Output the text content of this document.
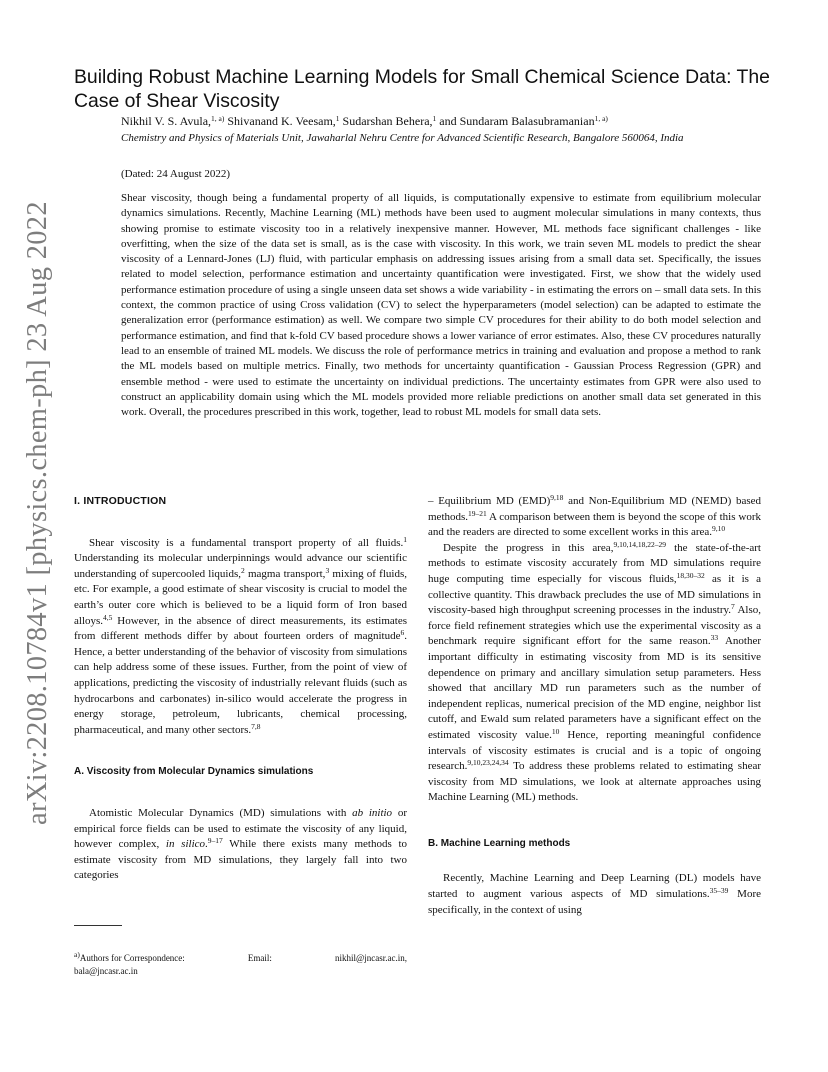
arXiv:2208.10784v1 [physics.chem-ph] 23 Aug 2022
Building Robust Machine Learning Models for Small Chemical Science Data: The Case of Shear Viscosity
Nikhil V. S. Avula,$^{1, a)}$ Shivanand K. Veesam,$^1$ Sudarshan Behera,$^1$ and Sundaram Balasubramanian$^{1, a)}$
Chemistry and Physics of Materials Unit, Jawaharlal Nehru Centre for Advanced Scientific Research, Bangalore 560064, India
(Dated: 24 August 2022)

Shear viscosity, though being a fundamental property of all liquids, is computationally expensive to estimate from equilibrium molecular dynamics simulations. Recently, Machine Learning (ML) methods have been used to augment molecular simulations in many contexts, thus showing promise to estimate viscosity too in a relatively inexpensive manner. However, ML methods face significant challenges - like overfitting, when the size of the data set is small, as is the case with viscosity. In this work, we train seven ML models to predict the shear viscosity of a Lennard-Jones (LJ) fluid, with particular emphasis on addressing issues arising from a small data set. Specifically, the issues related to model selection, performance estimation and uncertainty quantification were investigated. First, we show that the widely used performance estimation procedure of using a single unseen data set shows a wide variability - in estimating the errors on – small data sets. In this context, the common practice of using Cross validation (CV) to select the hyperparameters (model selection) can be adapted to estimate the generalization error (performance estimation) as well. We compare two simple CV procedures for their ability to do both model selection and performance estimation, and find that k-fold CV based procedure shows a lower variance of error estimates. Also, these CV procedures naturally lead to an ensemble of trained ML models. We discuss the role of performance metrics in training and evaluation and propose a method to rank the ML models based on multiple metrics. Finally, two methods for uncertainty quantification - Gaussian Process Regression (GPR) and ensemble method - were used to estimate the uncertainty on individual predictions. The uncertainty estimates from GPR were also used to construct an applicability domain using which the ML models provided more reliable predictions on another small data set generated in this work. Overall, the procedures prescribed in this work, together, lead to robust ML models for small data sets.

I. INTRODUCTION

Shear viscosity is a fundamental transport property of all fluids.$^1$ Understanding its molecular underpinnings would advance our scientific understanding of supercooled liquids,$^2$ magma transport,$^3$ mixing of fluids, etc. For example, a good estimate of shear viscosity is crucial to model the earth’s outer core which is believed to be a liquid form of Iron based alloys.$^{4,5}$ However, in the absence of direct measurements, its estimates from different methods differ by about fourteen orders of magnitude$^6$. Hence, a better understanding of the behavior of viscosity from simulations can help address some of these issues. Further, from the point of view of applications, predicting the viscosity of industrially relevant fluids (such as hydrocarbons and carbonates) in-silico would accelerate the progress in energy storage, petroleum, lubricants, chemical processing, pharmaceutical, and many other sectors.$^{7,8}$

A. Viscosity from Molecular Dynamics simulations

Atomistic Molecular Dynamics (MD) simulations with ab initio or empirical force fields can be used to estimate the viscosity of any liquid, however complex, in silico.$^{9-17}$ While there exists many methods to estimate viscosity from MD simulations, they largely fall into two categories

– Equilibrium MD (EMD)$^{9,18}$ and Non-Equilibrium MD (NEMD) based methods.$^{19-21}$ A comparison between them is beyond the scope of this work and the readers are directed to some excellent works in this area.$^{9,10}$

Despite the progress in this area,$^{9,10,14,18,22-29}$ the state-of-the-art methods to estimate viscosity accurately from MD simulations require huge computing time especially for viscous fluids,$^{18,30-32}$ as it is a collective quantity. This drawback precludes the use of MD simulations in viscosity-based high throughput screening processes in the industry.$^7$ Also, force field refinement strategies which use the experimental viscosity as a benchmark require significant effort for the same reason.$^{33}$ Another important difficulty in estimating viscosity from MD is its sensitive dependence on primary and ancillary simulation setup parameters. Hess showed that ancillary MD run parameters such as the number of independent replicas, numerical precision of the MD engine, neighbor list cutoff, and Ewald sum related parameters have a significant effect on the estimated viscosity value.$^{10}$ Hence, reporting meaningful confidence intervals of viscosity estimates is crucial and is a topic of ongoing research.$^{9,10,23,24,34}$ To address these problems related to estimating shear viscosity from MD simulations, we look at alternate approaches using Machine Learning (ML) methods.

B. Machine Learning methods

Recently, Machine Learning and Deep Learning (DL) models have started to augment various aspects of MD simulations.$^{35-39}$ More specifically, in the context of using

$^{a)}$Authors for Correspondence:	Email:	nikhil@jncasr.ac.in,
bala@jncasr.ac.in
